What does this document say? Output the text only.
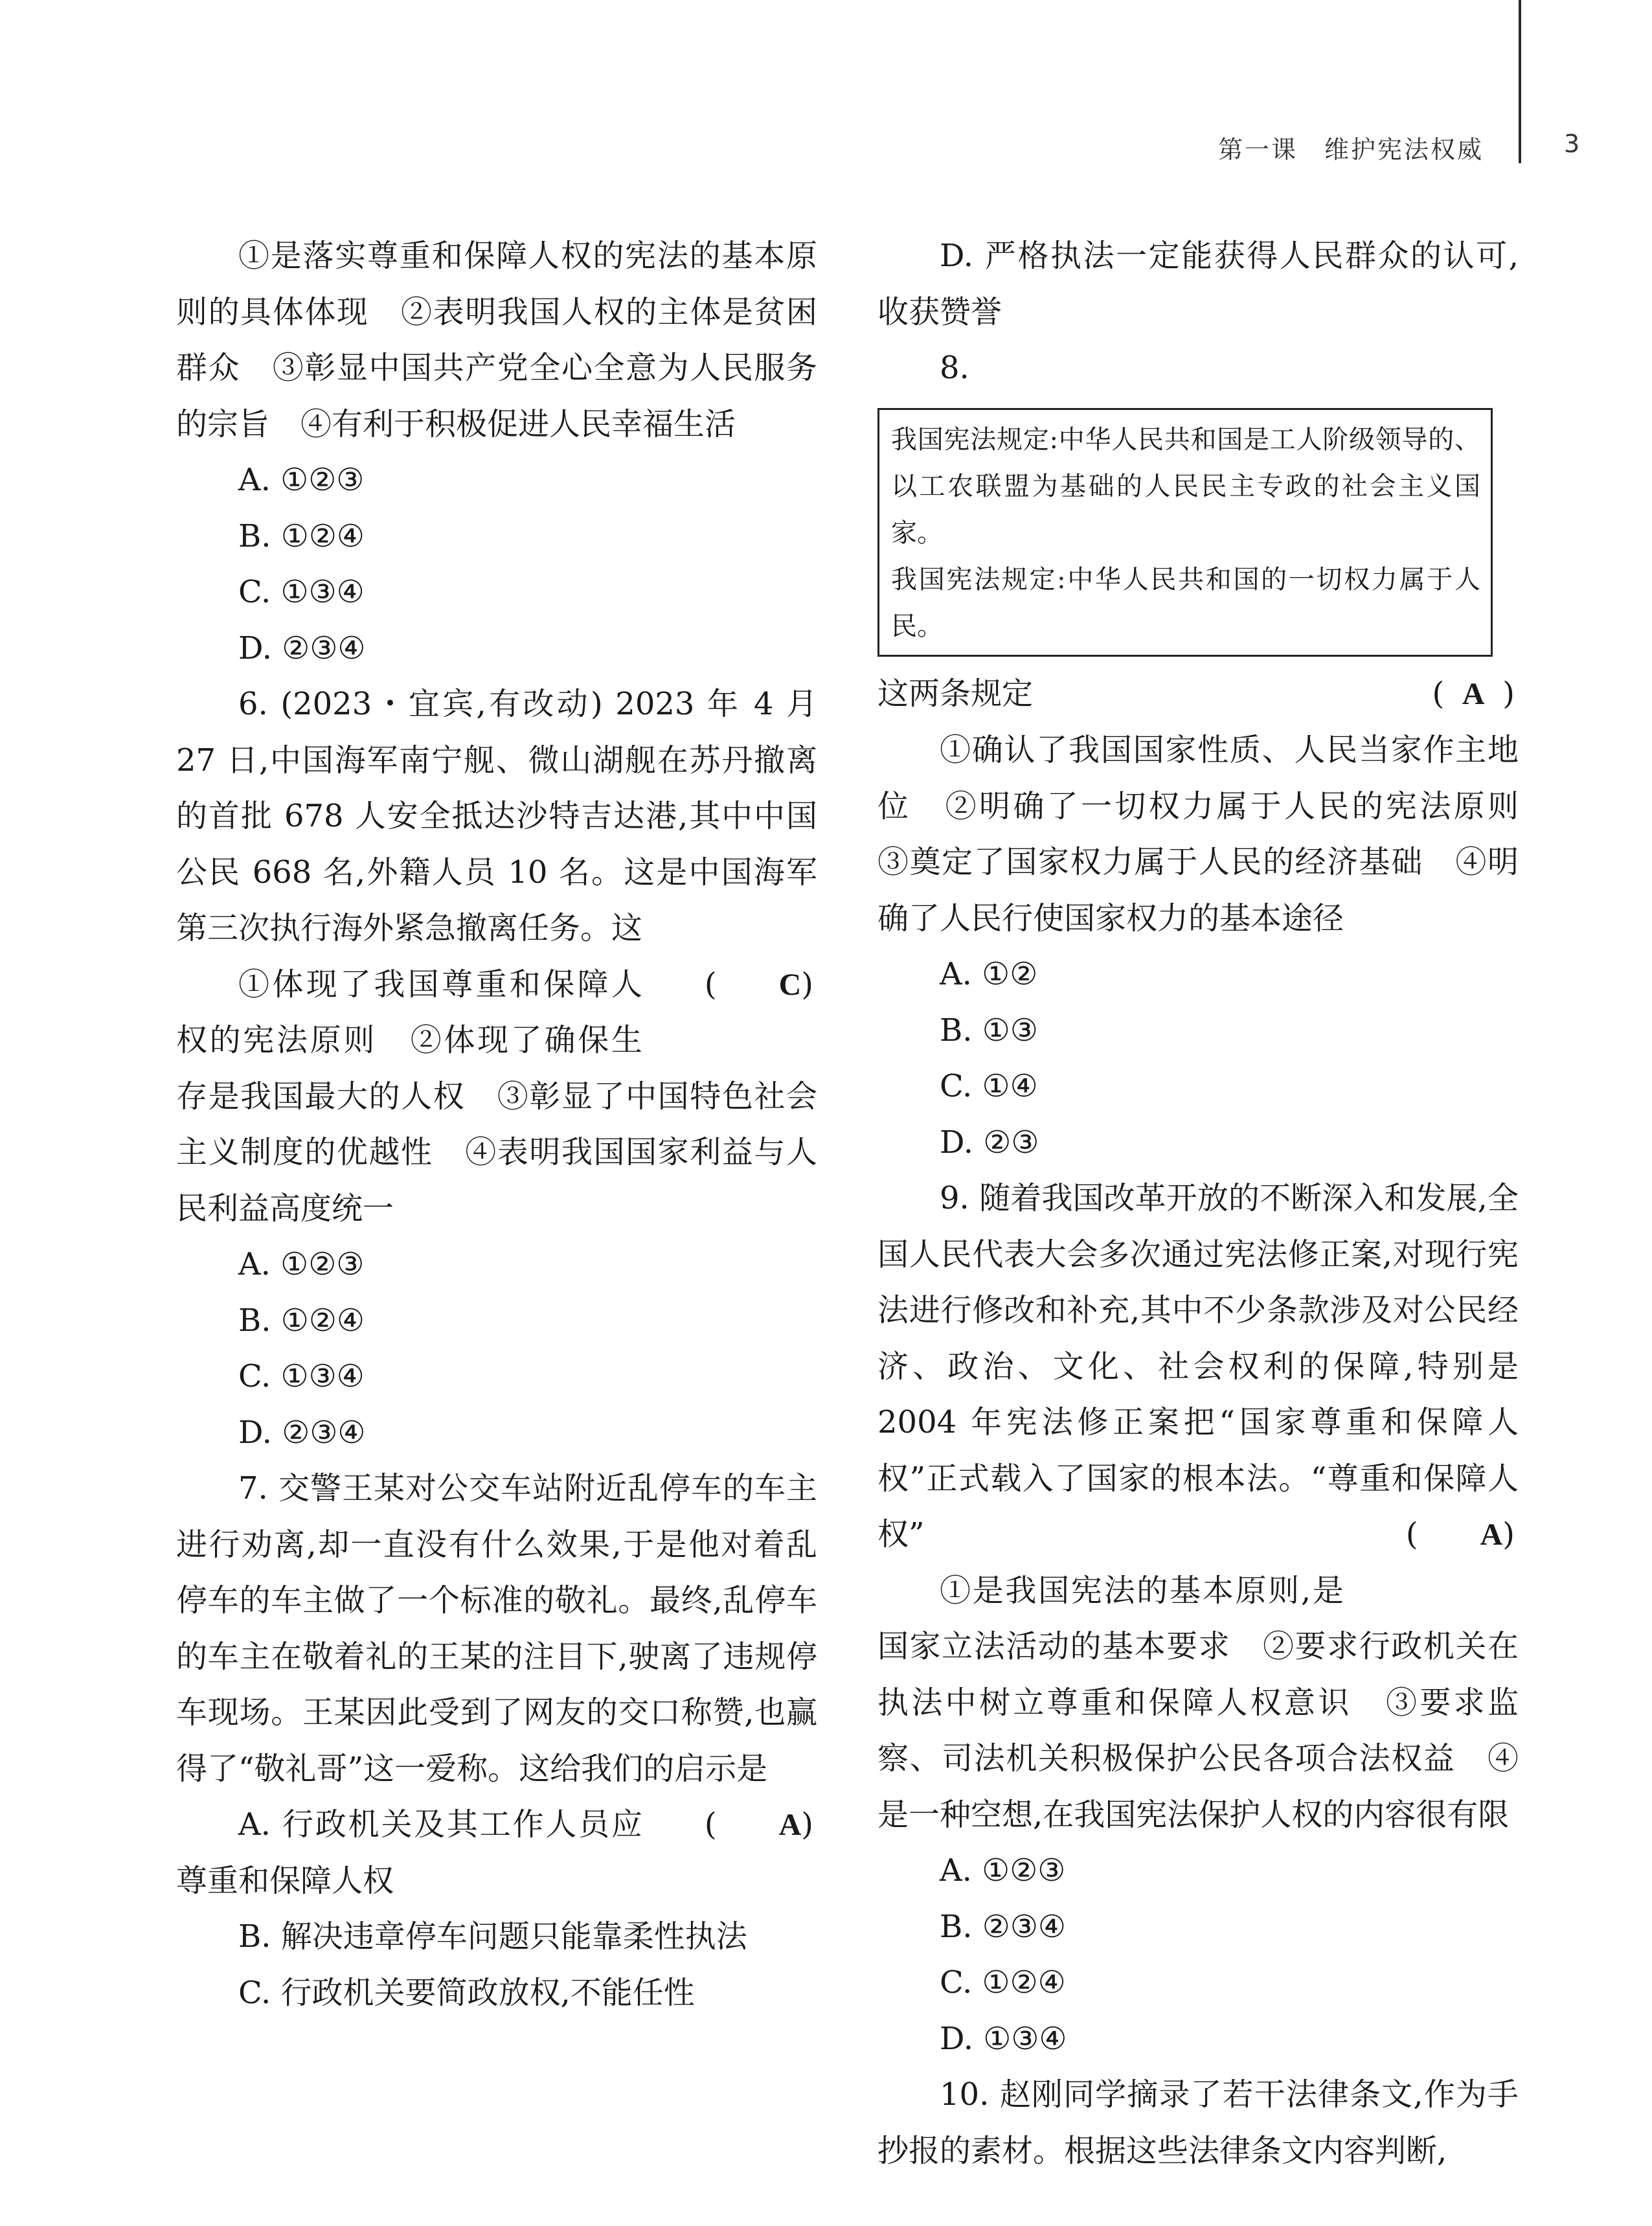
第一课　维护宪法权威	3

①是落实尊重和保障人权的宪法的基本原则的具体体现　②表明我国人权的主体是贫困群众　③彰显中国共产党全心全意为人民服务的宗旨　④有利于积极促进人民幸福生活

A. ①②③

B. ①②④

C. ①③④

D. ②③④

6. (2023・宜宾,有改动) 2023 年 4 月 27 日,中国海军南宁舰、微山湖舰在苏丹撤离的首批 678 人安全抵达沙特吉达港,其中中国公民 668 名,外籍人员 10 名。这是中国海军第三次执行海外紧急撤离任务。这
( C)

①体现了我国尊重和保障人权的宪法原则　②体现了确保生存是我国最大的人权　③彰显了中国特色社会主义制度的优越性　④表明我国国家利益与人民利益高度统一

A. ①②③

B. ①②④

C. ①③④

D. ②③④

7. 交警王某对公交车站附近乱停车的车主进行劝离,却一直没有什么效果,于是他对着乱停车的车主做了一个标准的敬礼。最终,乱停车的车主在敬着礼的王某的注目下,驶离了违规停车现场。王某因此受到了网友的交口称赞,也赢得了“敬礼哥”这一爱称。这给我们的启示是
( A)

A. 行政机关及其工作人员应尊重和保障人权

B. 解决违章停车问题只能靠柔性执法

C. 行政机关要简政放权,不能任性

D. 严格执法一定能获得人民群众的认可,收获赞誉

8.

我国宪法规定:中华人民共和国是工人阶级领导的、以工农联盟为基础的人民民主专政的社会主义国家。

我国宪法规定:中华人民共和国的一切权力属于人民。

这两条规定	( A )

①确认了我国国家性质、人民当家作主地位　②明确了一切权力属于人民的宪法原则　③奠定了国家权力属于人民的经济基础　④明确了人民行使国家权力的基本途径

A. ①②

B. ①③

C. ①④

D. ②③

9. 随着我国改革开放的不断深入和发展,全国人民代表大会多次通过宪法修正案,对现行宪法进行修改和补充,其中不少条款涉及对公民经济、政治、文化、社会权利的保障,特别是 2004 年宪法修正案把“国家尊重和保障人权”正式载入了国家的根本法。“尊重和保障人权”	( A)

①是我国宪法的基本原则,是国家立法活动的基本要求　②要求行政机关在执法中树立尊重和保障人权意识　③要求监察、司法机关积极保护公民各项合法权益　④是一种空想,在我国宪法保护人权的内容很有限

A. ①②③

B. ②③④

C. ①②④

D. ①③④

10. 赵刚同学摘录了若干法律条文,作为手抄报的素材。根据这些法律条文内容判断,
